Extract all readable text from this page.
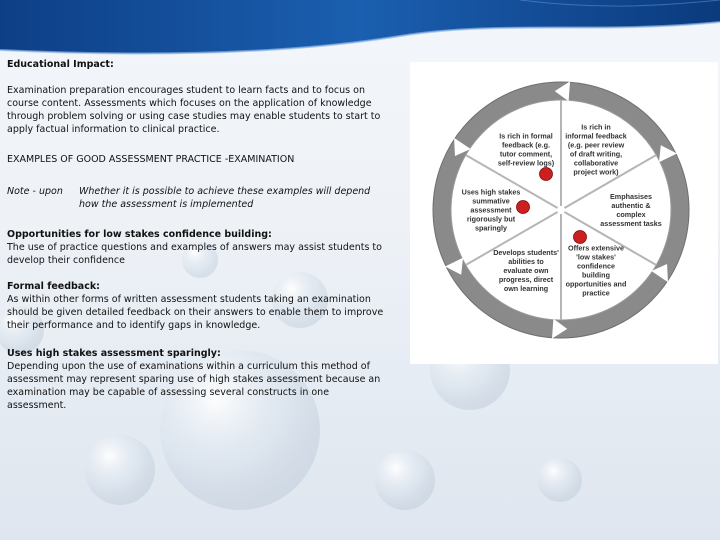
Educational Impact:
Examination preparation encourages student to learn facts and to focus on course content. Assessments which focuses on the application of knowledge through problem solving or using case studies may enable students to start to apply factual information to clinical practice.
EXAMPLES OF GOOD ASSESSMENT PRACTICE -EXAMINATION
Note - upon	Whether it is possible to achieve these examples will depend how the assessment is implemented
Opportunities for low stakes confidence building:
The use of practice questions and examples of answers may assist students to develop their confidence
Formal feedback:
As within other forms of written assessment students taking an examination should be given detailed feedback on their answers to enable them to improve their performance and to identify gaps in knowledge.
Uses high stakes assessment sparingly:
Depending upon the use of examinations within a curriculum this method of assessment may represent sparing use of high stakes assessment because an examination may be capable of assessing several constructs in one assessment.
Is rich in formal
feedback (e.g.
tutor comment,
self-review logs)
Is rich in
informal feedback
(e.g. peer review
of draft writing,
collaborative
project work)
Emphasises
authentic &
complex
assessment tasks
Offers extensive
'low stakes'
confidence
building
opportunities and
practice
Develops students'
abilities to
evaluate own
progress, direct
own learning
Uses high stakes
summative
assessment
rigorously but
sparingly
